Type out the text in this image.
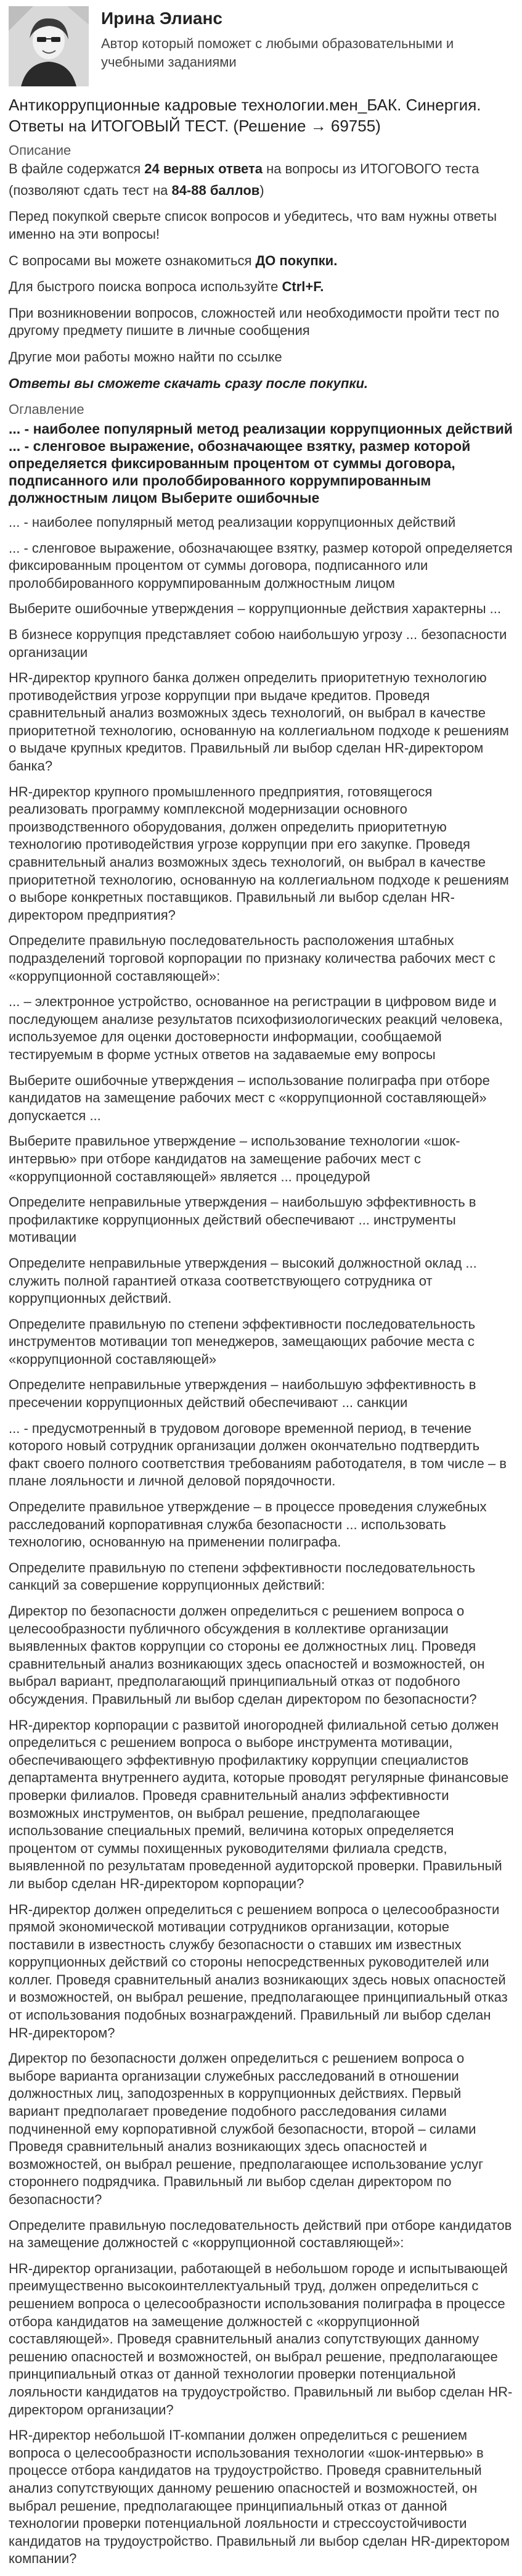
Ирина Элианс
Автор который поможет с любыми образовательными и учебными заданиями
Антикоррупционные кадровые технологии.мен_БАК. Синергия. Ответы на ИТОГОВЫЙ ТЕСТ. (Решение → 69755)
Описание

В файле содержатся 24 верных ответа на вопросы из ИТОГОВОГО теста

(позволяют сдать тест на 84-88 баллов)

Перед покупкой сверьте список вопросов и убедитесь, что вам нужны ответы именно на эти вопросы!

С вопросами вы можете ознакомиться ДО покупки.

Для быстрого поиска вопроса используйте Ctrl+F.

При возникновении вопросов, сложностей или необходимости пройти тест по другому предмету пишите в личные сообщения

Другие мои работы можно найти по ссылке

Ответы вы сможете скачать сразу после покупки.

Оглавление
... - наиболее популярный метод реализации коррупционных действий ... - сленговое выражение, обозначающее взятку, размер которой определяется фиксированным процентом от суммы договора, подписанного или пролоббированного коррумпированным должностным лицом Выберите ошибочные

... - наиболее популярный метод реализации коррупционных действий

... - сленговое выражение, обозначающее взятку, размер которой определяется фиксированным процентом от суммы договора, подписанного или пролоббированного коррумпированным должностным лицом

Выберите ошибочные утверждения – коррупционные действия характерны ...

В бизнесе коррупция представляет собою наибольшую угрозу ... безопасности организации

HR-директор крупного банка должен определить приоритетную технологию противодействия угрозе коррупции при выдаче кредитов. Проведя сравнительный анализ возможных здесь технологий, он выбрал в качестве приоритетной технологию, основанную на коллегиальном подходе к решениям о выдаче крупных кредитов. Правильный ли выбор сделан HR-директором банка?

HR-директор крупного промышленного предприятия, готовящегося реализовать программу комплексной модернизации основного производственного оборудования, должен определить приоритетную технологию противодействия угрозе коррупции при его закупке. Проведя сравнительный анализ возможных здесь технологий, он выбрал в качестве приоритетной технологию, основанную на коллегиальном подходе к решениям о выборе конкретных поставщиков. Правильный ли выбор сделан HR-директором предприятия?

Определите правильную последовательность расположения штабных подразделений торговой корпорации по признаку количества рабочих мест с «коррупционной составляющей»:

... – электронное устройство, основанное на регистрации в цифровом виде и последующем анализе результатов психофизиологических реакций человека, используемое для оценки достоверности информации, сообщаемой тестируемым в форме устных ответов на задаваемые ему вопросы

Выберите ошибочные утверждения – использование полиграфа при отборе кандидатов на замещение рабочих мест с «коррупционной составляющей» допускается ...

Выберите правильное утверждение – использование технологии «шок-интервью» при отборе кандидатов на замещение рабочих мест с «коррупционной составляющей» является ... процедурой

Определите неправильные утверждения – наибольшую эффективность в профилактике коррупционных действий обеспечивают ... инструменты мотивации

Определите неправильные утверждения – высокий должностной оклад ... служить полной гарантией отказа соответствующего сотрудника от коррупционных действий.

Определите правильную по степени эффективности последовательность инструментов мотивации топ менеджеров, замещающих рабочие места с «коррупционной составляющей»

Определите неправильные утверждения – наибольшую эффективность в пресечении коррупционных действий обеспечивают ... санкции

... - предусмотренный в трудовом договоре временной период, в течение которого новый сотрудник организации должен окончательно подтвердить факт своего полного соответствия требованиям работодателя, в том числе – в плане лояльности и личной деловой порядочности.

Определите правильное утверждение – в процессе проведения служебных расследований корпоративная служба безопасности ... использовать технологию, основанную на применении полиграфа.

Определите правильную по степени эффективности последовательность санкций за совершение коррупционных действий:

Директор по безопасности должен определиться с решением вопроса о целесообразности публичного обсуждения в коллективе организации выявленных фактов коррупции со стороны ее должностных лиц. Проведя сравнительный анализ возникающих здесь опасностей и возможностей, он выбрал вариант, предполагающий принципиальный отказ от подобного обсуждения. Правильный ли выбор сделан директором по безопасности?

HR-директор корпорации с развитой иногородней филиальной сетью должен определиться с решением вопроса о выборе инструмента мотивации, обеспечивающего эффективную профилактику коррупции специалистов департамента внутреннего аудита, которые проводят регулярные финансовые проверки филиалов. Проведя сравнительный анализ эффективности возможных инструментов, он выбрал решение, предполагающее использование специальных премий, величина которых определяется процентом от суммы похищенных руководителями филиала средств, выявленной по результатам проведенной аудиторской проверки. Правильный ли выбор сделан HR-директором корпорации?

HR-директор должен определиться с решением вопроса о целесообразности прямой экономической мотивации сотрудников организации, которые поставили в известность службу безопасности о ставших им известных коррупционных действий со стороны непосредственных руководителей или коллег. Проведя сравнительный анализ возникающих здесь новых опасностей и возможностей, он выбрал решение, предполагающее принципиальный отказ от использования подобных вознаграждений. Правильный ли выбор сделан HR-директором?

Директор по безопасности должен определиться с решением вопроса о выборе варианта организации служебных расследований в отношении должностных лиц, заподозренных в коррупционных действиях. Первый вариант предполагает проведение подобного расследования силами подчиненной ему корпоративной службой безопасности, второй – силами Проведя сравнительный анализ возникающих здесь опасностей и возможностей, он выбрал решение, предполагающее использование услуг стороннего подрядчика. Правильный ли выбор сделан директором по безопасности?

Определите правильную последовательность действий при отборе кандидатов на замещение должностей с «коррупционной составляющей»:

HR-директор организации, работающей в небольшом городе и испытывающей преимущественно высокоинтеллектуальный труд, должен определиться с решением вопроса о целесообразности использования полиграфа в процессе отбора кандидатов на замещение должностей с «коррупционной составляющей». Проведя сравнительный анализ сопутствующих данному решению опасностей и возможностей, он выбрал решение, предполагающее принципиальный отказ от данной технологии проверки потенциальной лояльности кандидатов на трудоустройство. Правильный ли выбор сделан HR-директором организации?

HR-директор небольшой IT-компании должен определиться с решением вопроса о целесообразности использования технологии «шок-интервью» в процессе отбора кандидатов на трудоустройство. Проведя сравнительный анализ сопутствующих данному решению опасностей и возможностей, он выбрал решение, предполагающее принципиальный отказ от данной технологии проверки потенциальной лояльности и стрессоустойчивости кандидатов на трудоустройство. Правильный ли выбор сделан HR-директором компании?
